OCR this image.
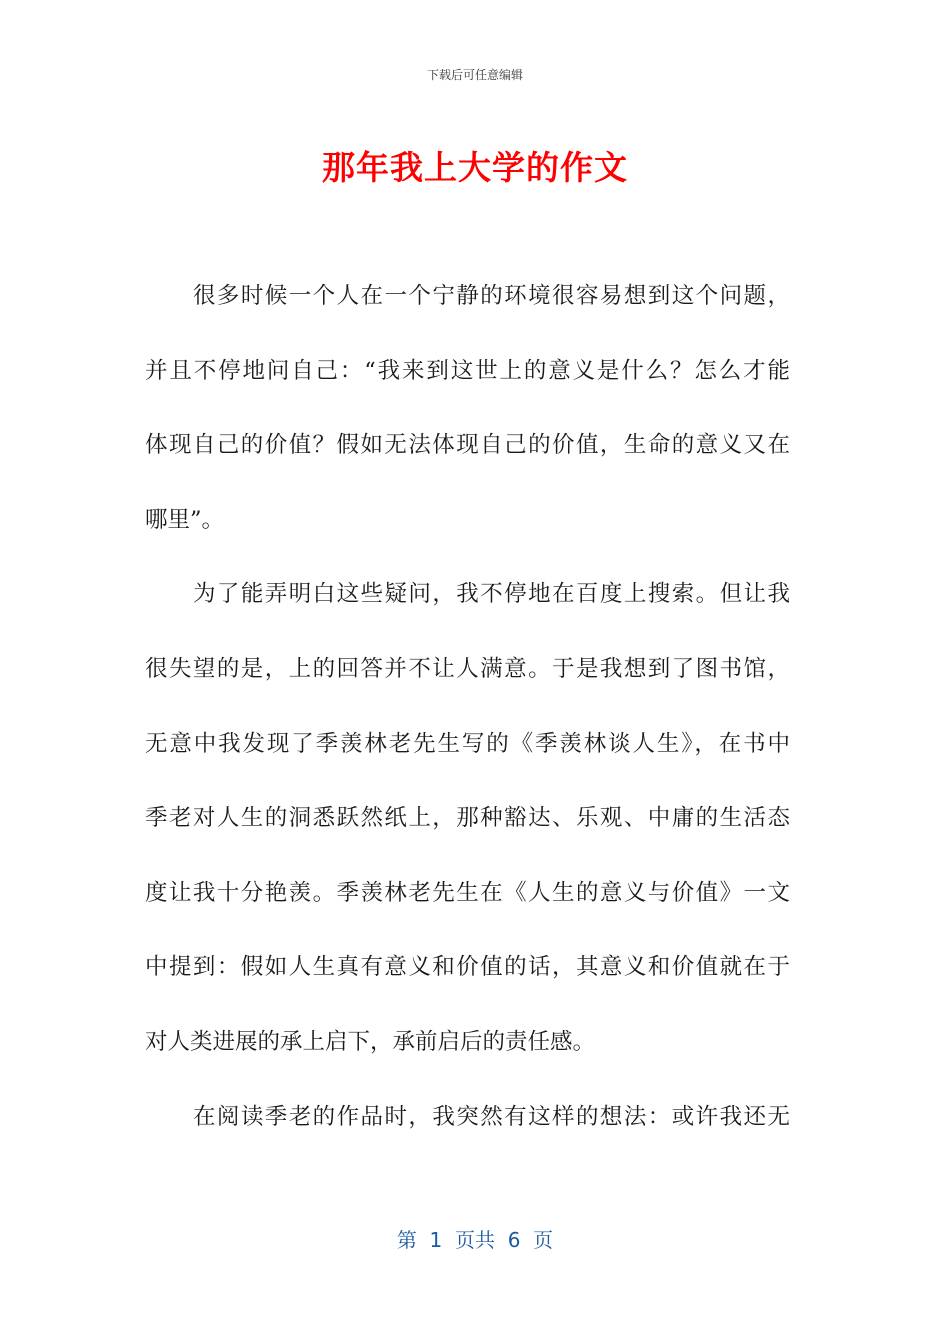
下载后可任意编辑
那年我上大学的作文
很多时候一个人在一个宁静的环境很容易想到这个问题，
并且不停地问自己：“我来到这世上的意义是什么？怎么才能
体现自己的价值？假如无法体现自己的价值，生命的意义又在
哪里”。
为了能弄明白这些疑问，我不停地在百度上搜索。但让我
很失望的是，上的回答并不让人满意。于是我想到了图书馆，
无意中我发现了季羡林老先生写的《季羡林谈人生》，在书中
季老对人生的洞悉跃然纸上，那种豁达、乐观、中庸的生活态
度让我十分艳羡。季羡林老先生在《人生的意义与价值》一文
中提到：假如人生真有意义和价值的话，其意义和价值就在于
对人类进展的承上启下，承前启后的责任感。
在阅读季老的作品时，我突然有这样的想法：或许我还无
第  1  页共  6  页
